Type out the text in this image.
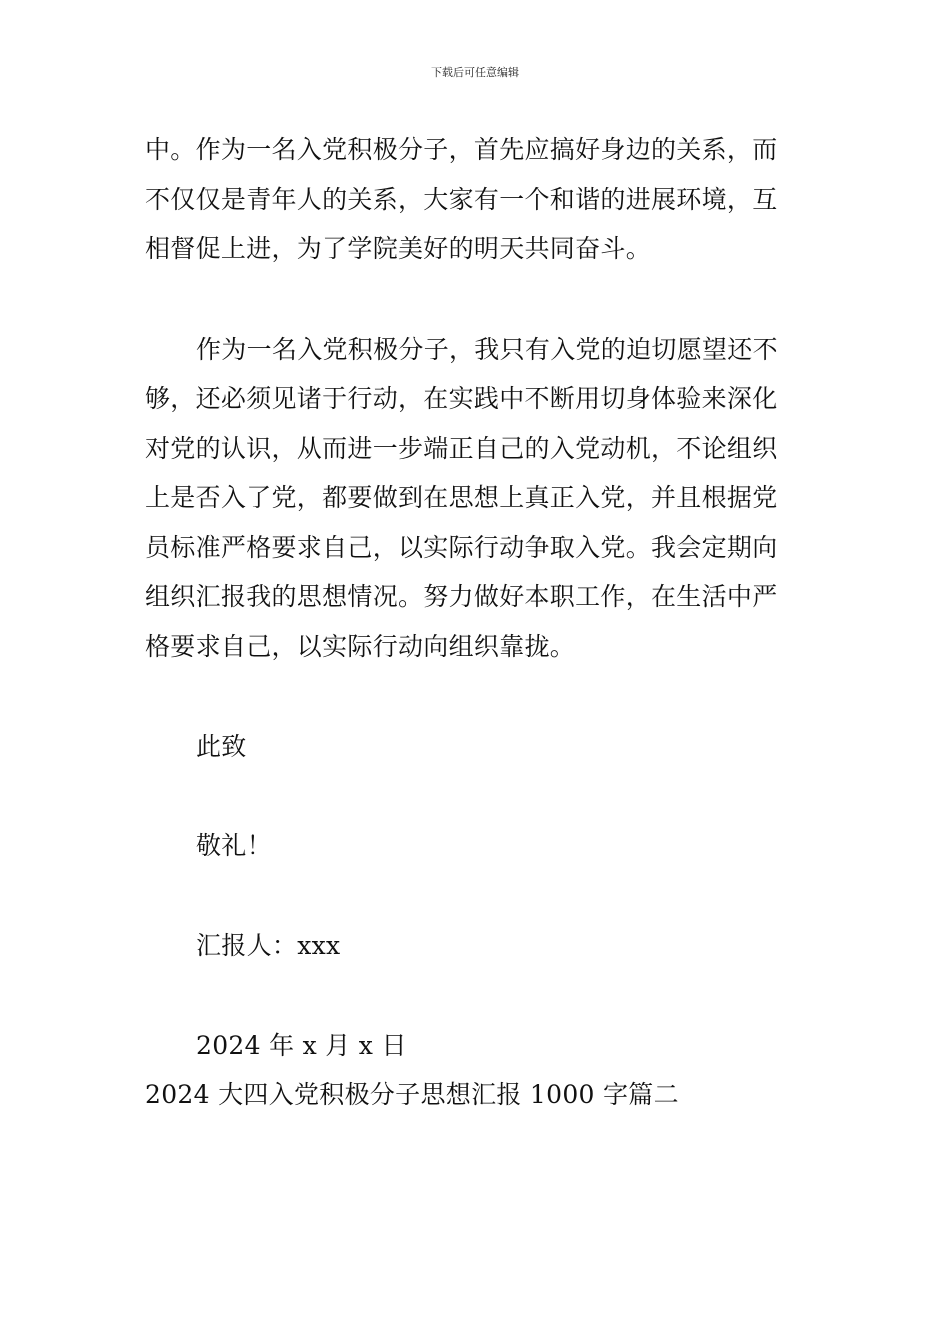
下载后可任意编辑
中。作为一名入党积极分子，首先应搞好身边的关系，而
不仅仅是青年人的关系，大家有一个和谐的进展环境，互
相督促上进，为了学院美好的明天共同奋斗。
作为一名入党积极分子，我只有入党的迫切愿望还不
够，还必须见诸于行动，在实践中不断用切身体验来深化
对党的认识，从而进一步端正自己的入党动机，不论组织
上是否入了党，都要做到在思想上真正入党，并且根据党
员标准严格要求自己，以实际行动争取入党。我会定期向
组织汇报我的思想情况。努力做好本职工作，在生活中严
格要求自己，以实际行动向组织靠拢。
此致
敬礼！
汇报人：xxx
2024 年 x 月 x 日
2024 大四入党积极分子思想汇报 1000 字篇二
